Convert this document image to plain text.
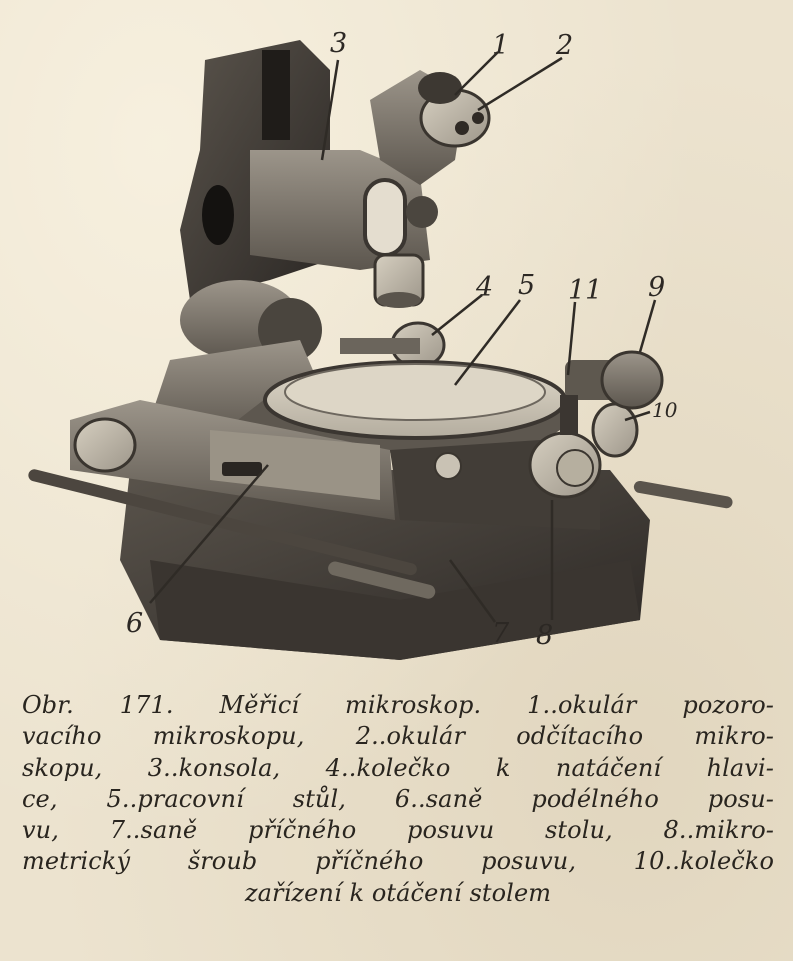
3	1 2
4 5 11 9
10
6	7 8
Obr. 171. Měřicí mikroskop. 1..okulár pozoro-
vacího mikroskopu, 2..okulár odčítacího mikro-
skopu, 3..konsola, 4..kolečko k natáčení hlavi-
ce, 5..pracovní stůl, 6..saně podélného posu-
vu, 7..saně příčného posuvu stolu, 8..mikro-
metrický šroub příčného posuvu, 10..kolečko
zařízení k otáčení stolem
